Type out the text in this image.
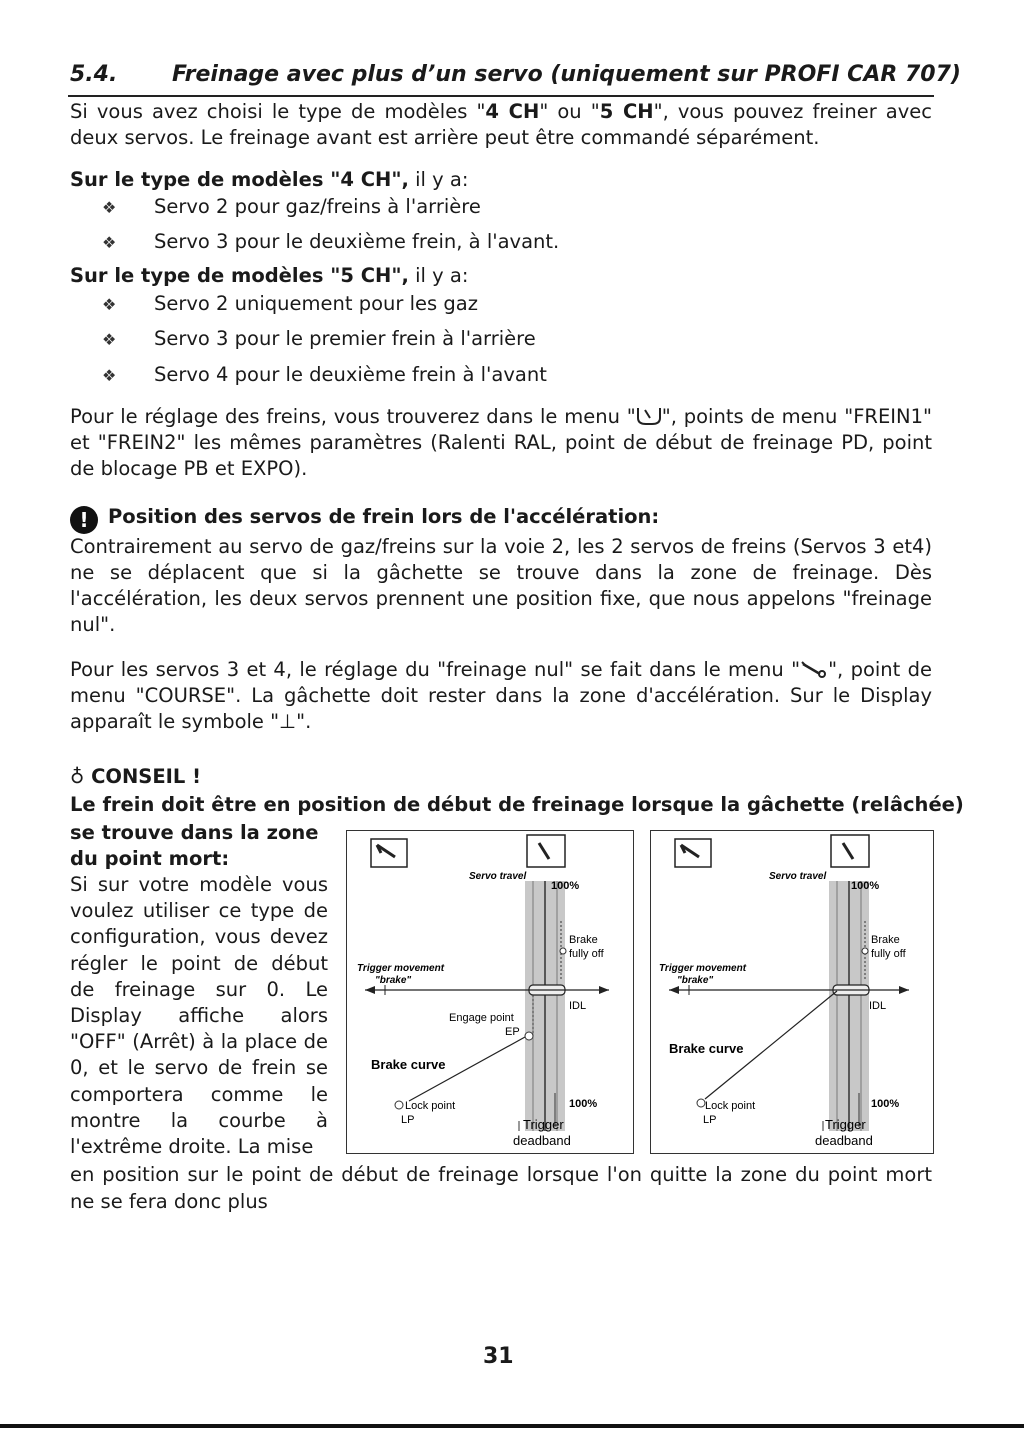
5.4. Freinage avec plus d’un servo (uniquement sur PROFI CAR 707)
Si vous avez choisi le type de modèles "4 CH" ou "5 CH", vous pouvez freiner avec deux servos. Le freinage avant est arrière peut être commandé séparément.
Sur le type de modèles "4 CH", il y a:
❖ Servo 2 pour gaz/freins à l'arrière
❖ Servo 3 pour le deuxième frein, à l'avant.
Sur le type de modèles "5 CH", il y a:
❖ Servo 2 uniquement pour les gaz
❖ Servo 3 pour le premier frein à l'arrière
❖ Servo 4 pour le deuxième frein à l'avant
Pour le réglage des freins, vous trouverez dans le menu " ", points de menu "FREIN1" et "FREIN2" les mêmes paramètres (Ralenti RAL, point de début de freinage PD, point de blocage PB et EXPO).
! Position des servos de frein lors de l'accélération:
Contrairement au servo de gaz/freins sur la voie 2, les 2 servos de freins (Servos 3 et4) ne se déplacent que si la gâchette se trouve dans la zone de freinage. Dès l'accélération, les deux servos prennent une position fixe, que nous appelons "freinage nul".
Pour les servos 3 et 4, le réglage du "freinage nul" se fait dans le menu " ", point de menu "COURSE". La gâchette doit rester dans la zone d'accélération. Sur le Display apparaît le symbole "⊥".
♁ CONSEIL !
Le frein doit être en position de début de freinage lorsque la gâchette (relâchée)
se trouve dans la zone
du point mort:
Si sur votre modèle vous voulez utiliser ce type de configuration, vous devez régler le point de début de freinage sur 0. Le Display affiche alors "OFF" (Arrêt) à la place de 0, et le servo de frein se comportera comme le montre la courbe à l'extrême droite. La mise
en position sur le point de début de freinage lorsque l'on quitte la zone du point mort ne se fera donc plus
Servo travel
100%
Brake
fully off
Trigger movement
"brake"
IDL
Engage point
EP
Brake curve
Lock point
LP
100%
Trigger
deadband
Servo travel
100%
Brake
fully off
Trigger movement
"brake"
IDL
Brake curve
Lock point
LP
100%
Trigger
deadband
31
